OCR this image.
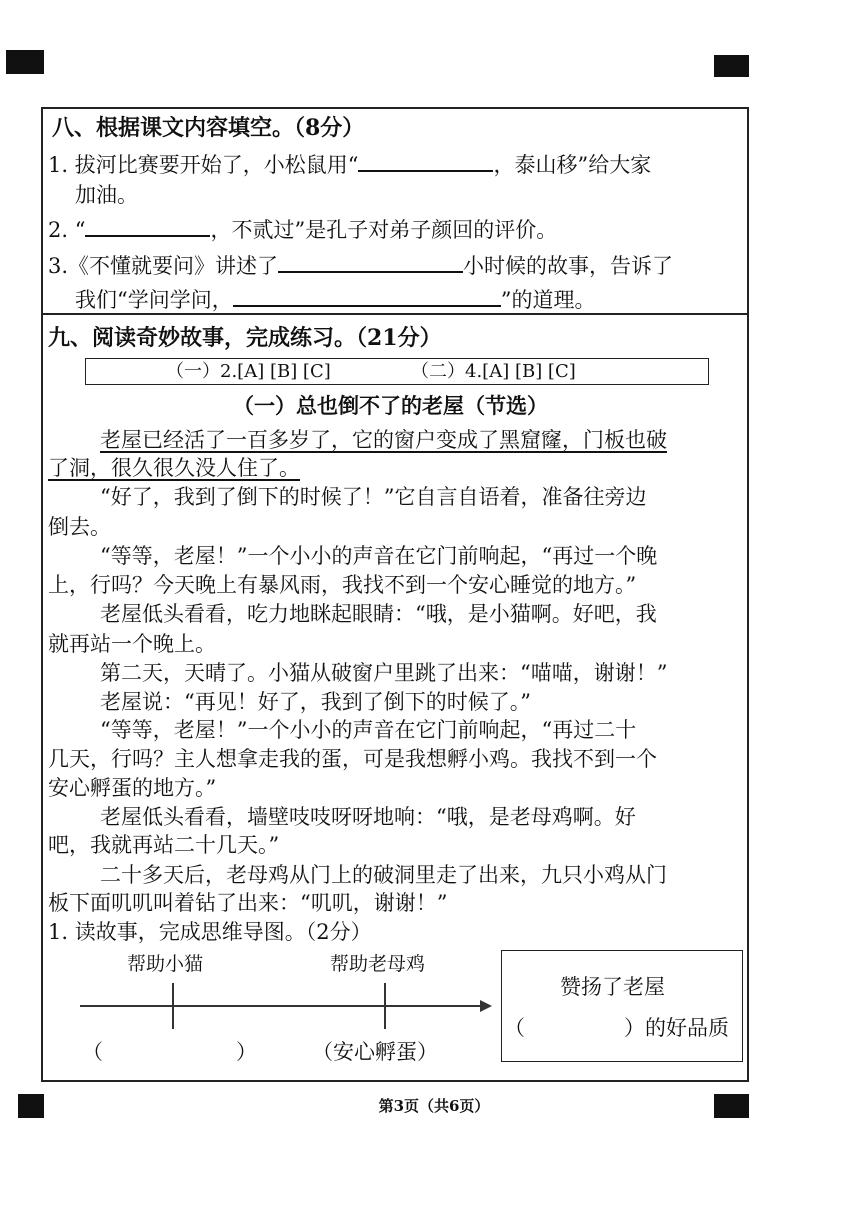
八、根据课文内容填空。（8分）
1. 拔河比赛要开始了，小松鼠用“	，泰山移”给大家
加油。
2. “	，不贰过”是孔子对弟子颜回的评价。
3.《不懂就要问》讲述了	小时候的故事，告诉了
我们“学问学问，	”的道理。
九、阅读奇妙故事，完成练习。（21分）
（一）2.[A] [B] [C]	（二）4.[A] [B] [C]
（一）总也倒不了的老屋（节选）
老屋已经活了一百多岁了，它的窗户变成了黑窟窿，门板也破
了洞，很久很久没人住了。
“好了，我到了倒下的时候了！”它自言自语着，准备往旁边
倒去。
“等等，老屋！”一个小小的声音在它门前响起，“再过一个晚
上，行吗？今天晚上有暴风雨，我找不到一个安心睡觉的地方。”
老屋低头看看，吃力地眯起眼睛：“哦，是小猫啊。好吧，我
就再站一个晚上。
第二天，天晴了。小猫从破窗户里跳了出来：“喵喵，谢谢！”
老屋说：“再见！好了，我到了倒下的时候了。”
“等等，老屋！”一个小小的声音在它门前响起，“再过二十
几天，行吗？主人想拿走我的蛋，可是我想孵小鸡。我找不到一个
安心孵蛋的地方。”
老屋低头看看，墙壁吱吱呀呀地响：“哦，是老母鸡啊。好
吧，我就再站二十几天。”
二十多天后，老母鸡从门上的破洞里走了出来，九只小鸡从门
板下面叽叽叫着钻了出来：“叽叽，谢谢！”
1. 读故事，完成思维导图。（2分）
帮助小猫	帮助老母鸡
（	）	（安心孵蛋）
赞扬了老屋
（	）的好品质
第3页（共6页）
